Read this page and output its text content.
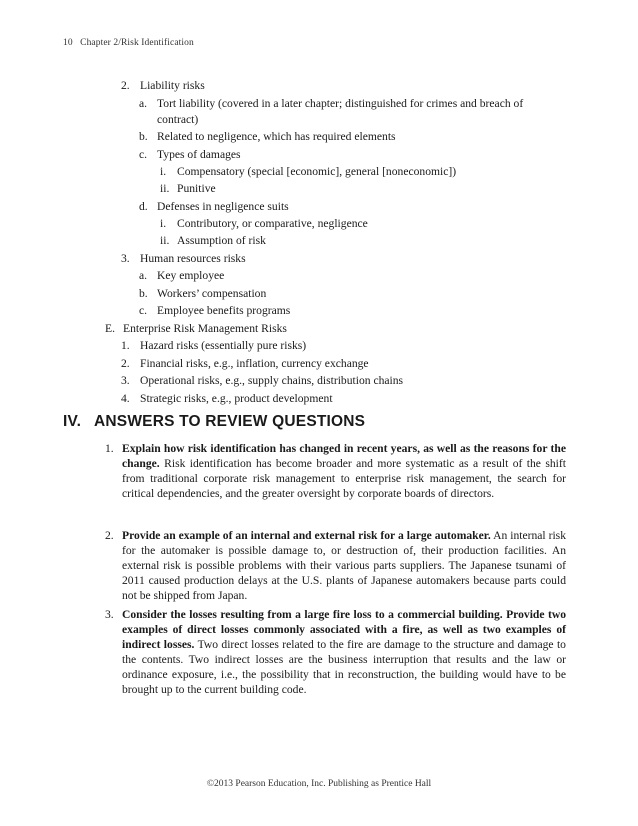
10 Chapter 2/Risk Identification
2. Liability risks
a. Tort liability (covered in a later chapter; distinguished for crimes and breach of
contract)
b. Related to negligence, which has required elements
c. Types of damages
i. Compensatory (special [economic], general [noneconomic])
ii. Punitive
d. Defenses in negligence suits
i. Contributory, or comparative, negligence
ii. Assumption of risk
3. Human resources risks
a. Key employee
b. Workers’ compensation
c. Employee benefits programs
E. Enterprise Risk Management Risks
1. Hazard risks (essentially pure risks)
2. Financial risks, e.g., inflation, currency exchange
3. Operational risks, e.g., supply chains, distribution chains
4. Strategic risks, e.g., product development
IV. ANSWERS TO REVIEW QUESTIONS
1. Explain how risk identification has changed in recent years, as well as the reasons for the change. Risk identification has become broader and more systematic as a result of the shift from traditional corporate risk management to enterprise risk management, the search for critical dependencies, and the greater oversight by corporate boards of directors.
2. Provide an example of an internal and external risk for a large automaker. An internal risk for the automaker is possible damage to, or destruction of, their production facilities. An external risk is possible problems with their various parts suppliers. The Japanese tsunami of 2011 caused production delays at the U.S. plants of Japanese automakers because parts could not be shipped from Japan.
3. Consider the losses resulting from a large fire loss to a commercial building. Provide two examples of direct losses commonly associated with a fire, as well as two examples of indirect losses. Two direct losses related to the fire are damage to the structure and damage to the contents. Two indirect losses are the business interruption that results and the law or ordinance exposure, i.e., the possibility that in reconstruction, the building would have to be brought up to the current building code.
©2013 Pearson Education, Inc. Publishing as Prentice Hall
